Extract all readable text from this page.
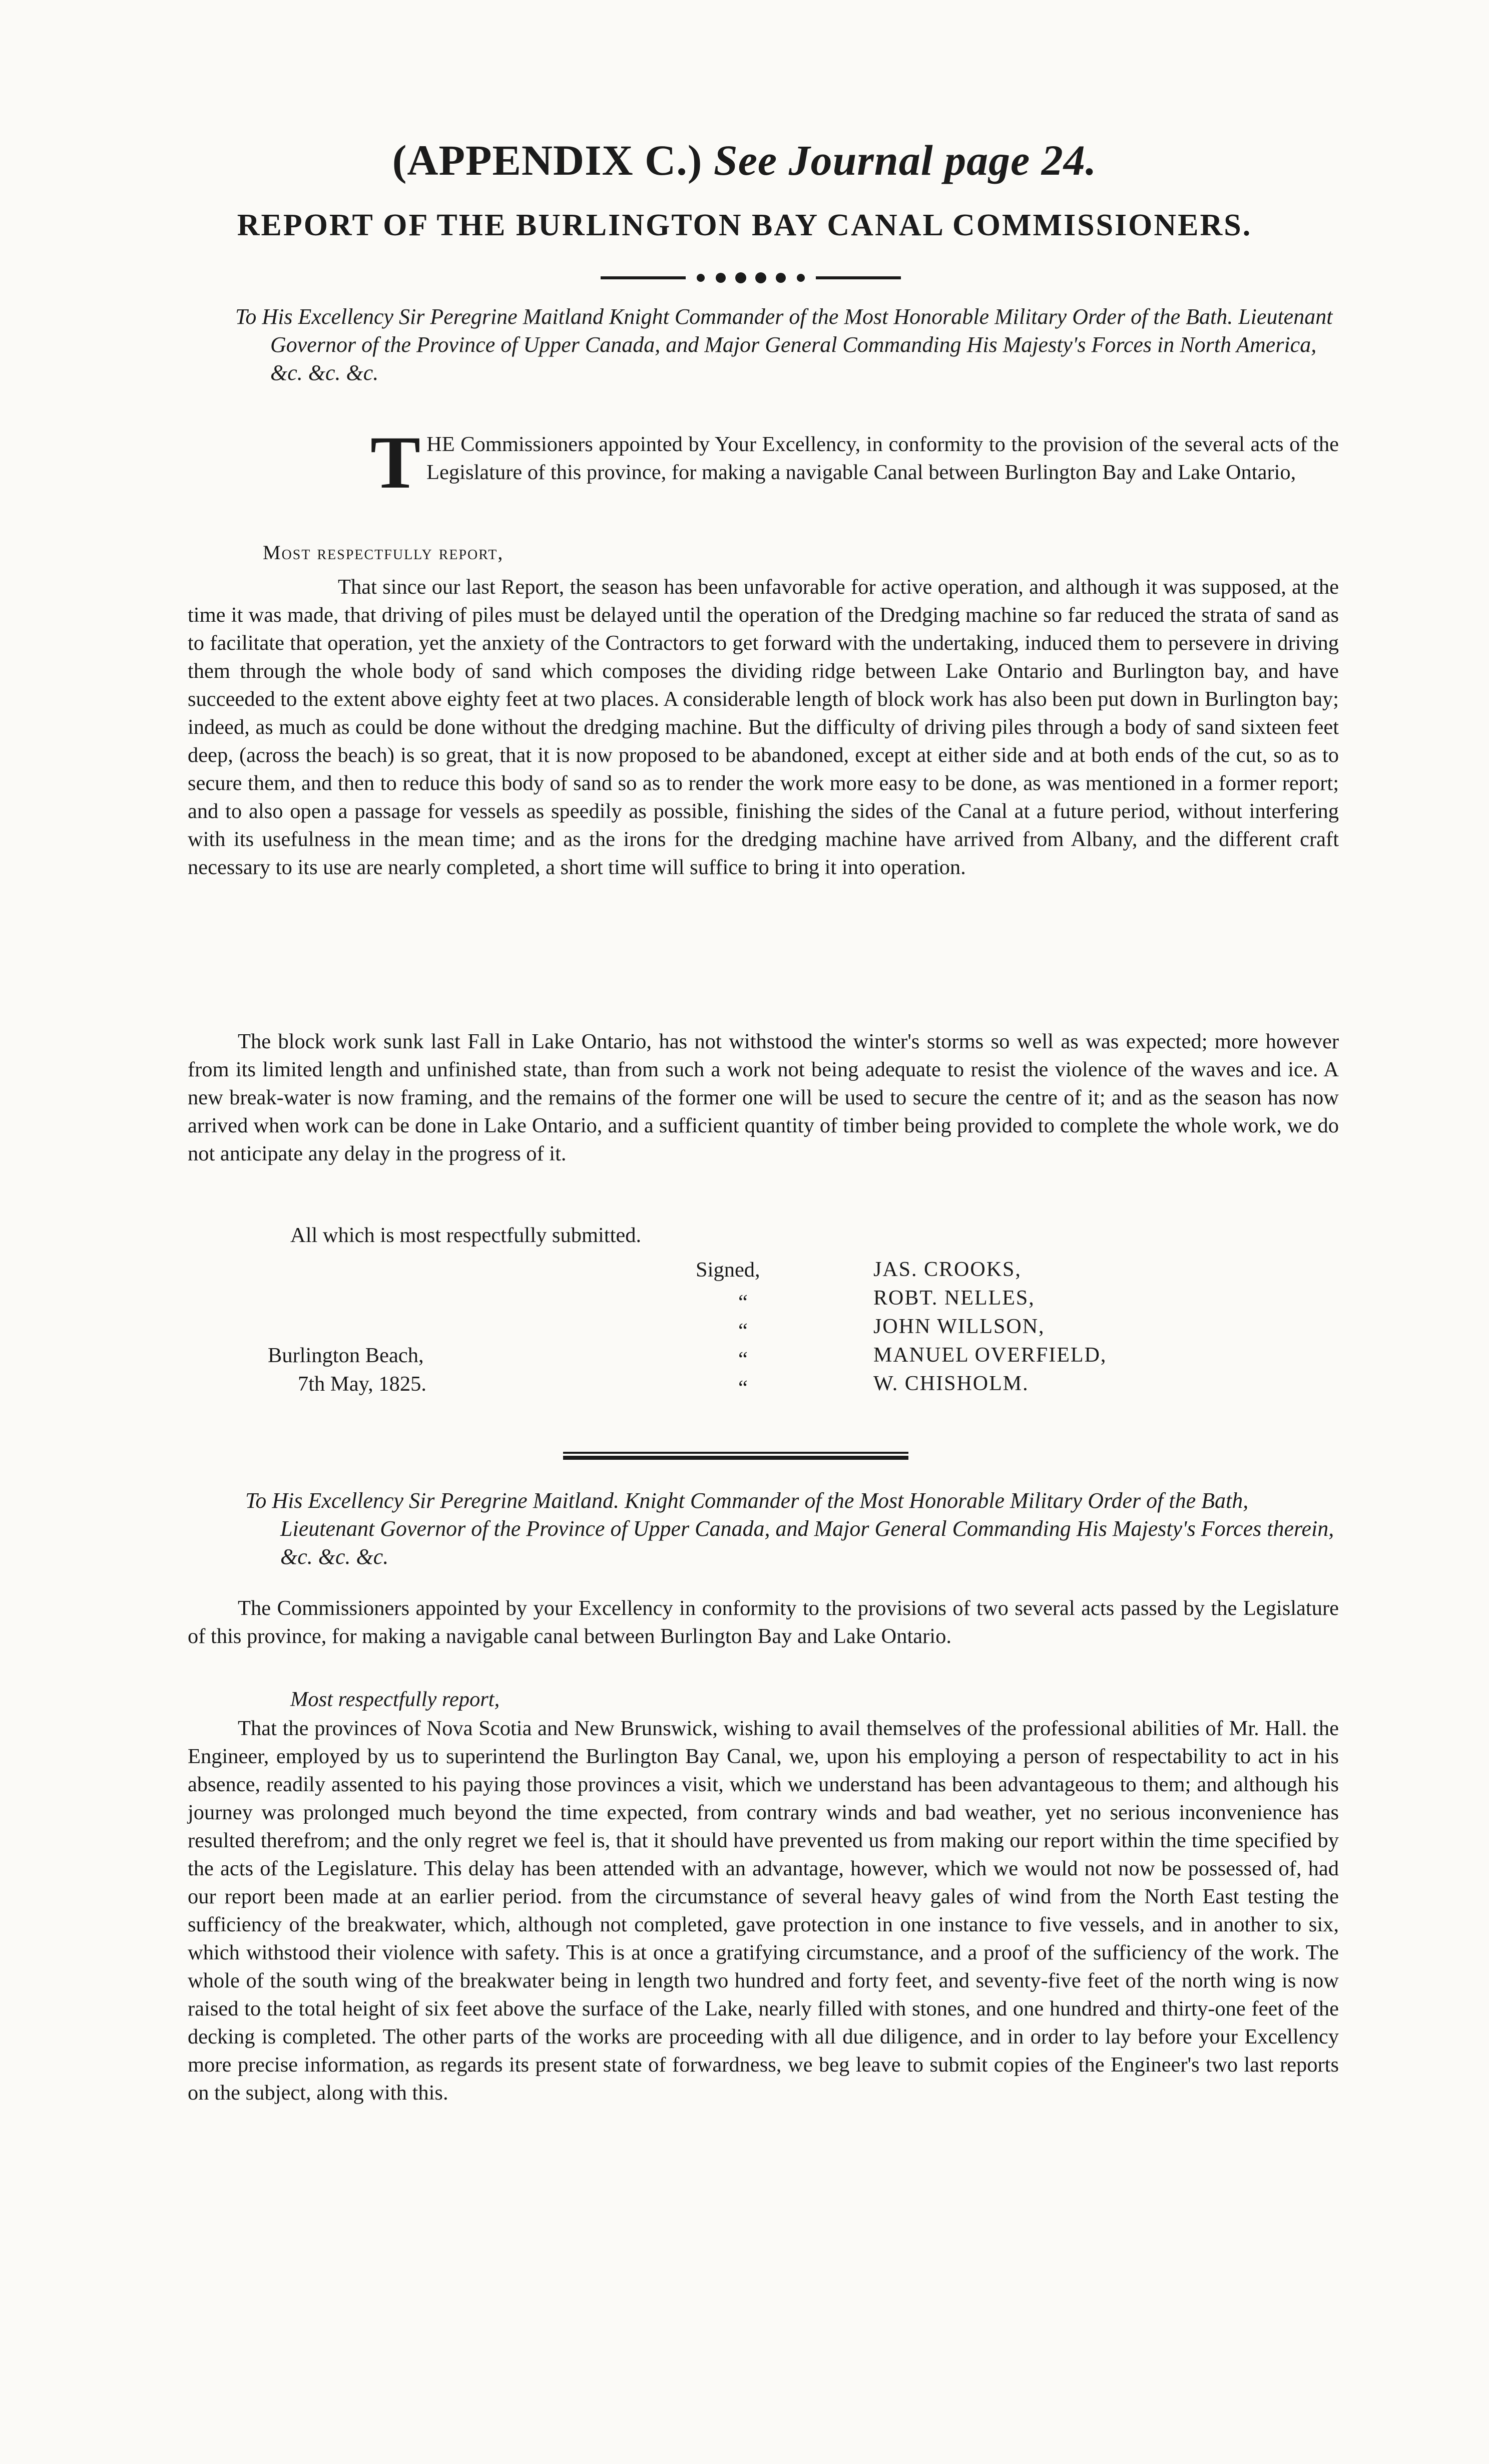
(APPENDIX C.) See Journal page 24.
REPORT OF THE BURLINGTON BAY CANAL COMMISSIONERS.
To His Excellency Sir Peregrine Maitland Knight Commander of the Most Honorable Military Order of the Bath. Lieutenant Governor of the Province of Upper Canada, and Major General Commanding His Majesty's Forces in North America, &c. &c. &c.
T HE Commissioners appointed by Your Excellency, in conformity to the provision of the several acts of the Legislature of this province, for making a navigable Canal between Burlington Bay and Lake Ontario,
Most respectfully report,
That since our last Report, the season has been unfavorable for active operation, and although it was supposed, at the time it was made, that driving of piles must be delayed until the operation of the Dredging machine so far reduced the strata of sand as to facilitate that operation, yet the anxiety of the Contractors to get forward with the undertaking, induced them to persevere in driving them through the whole body of sand which composes the dividing ridge between Lake Ontario and Burlington bay, and have succeeded to the extent above eighty feet at two places. A considerable length of block work has also been put down in Burlington bay; indeed, as much as could be done without the dredging machine. But the difficulty of driving piles through a body of sand sixteen feet deep, (across the beach) is so great, that it is now proposed to be abandoned, except at either side and at both ends of the cut, so as to secure them, and then to reduce this body of sand so as to render the work more easy to be done, as was mentioned in a former report; and to also open a passage for vessels as speedily as possible, finishing the sides of the Canal at a future period, without interfering with its usefulness in the mean time; and as the irons for the dredging machine have arrived from Albany, and the different craft necessary to its use are nearly completed, a short time will suffice to bring it into operation.
The block work sunk last Fall in Lake Ontario, has not withstood the winter's storms so well as was expected; more however from its limited length and unfinished state, than from such a work not being adequate to resist the violence of the waves and ice. A new break-water is now framing, and the remains of the former one will be used to secure the centre of it; and as the season has now arrived when work can be done in Lake Ontario, and a sufficient quantity of timber being provided to complete the whole work, we do not anticipate any delay in the progress of it.
All which is most respectfully submitted.
Signed,
“
“
“
“
JAS. CROOKS,
ROBT. NELLES,
JOHN WILLSON,
MANUEL OVERFIELD,
W. CHISHOLM.
Burlington Beach,
7th May, 1825.
To His Excellency Sir Peregrine Maitland. Knight Commander of the Most Honorable Military Order of the Bath, Lieutenant Governor of the Province of Upper Canada, and Major General Commanding His Majesty's Forces therein, &c. &c. &c.
The Commissioners appointed by your Excellency in conformity to the provisions of two several acts passed by the Legislature of this province, for making a navigable canal between Burlington Bay and Lake Ontario.
Most respectfully report,
That the provinces of Nova Scotia and New Brunswick, wishing to avail themselves of the professional abilities of Mr. Hall. the Engineer, employed by us to superintend the Burlington Bay Canal, we, upon his employing a person of respectability to act in his absence, readily assented to his paying those provinces a visit, which we understand has been advantageous to them; and although his journey was prolonged much beyond the time expected, from contrary winds and bad weather, yet no serious inconvenience has resulted therefrom; and the only regret we feel is, that it should have prevented us from making our report within the time specified by the acts of the Legislature. This delay has been attended with an advantage, however, which we would not now be possessed of, had our report been made at an earlier period. from the circumstance of several heavy gales of wind from the North East testing the sufficiency of the breakwater, which, although not completed, gave protection in one instance to five vessels, and in another to six, which withstood their violence with safety. This is at once a gratifying circumstance, and a proof of the sufficiency of the work. The whole of the south wing of the breakwater being in length two hundred and forty feet, and seventy-five feet of the north wing is now raised to the total height of six feet above the surface of the Lake, nearly filled with stones, and one hundred and thirty-one feet of the decking is completed. The other parts of the works are proceeding with all due diligence, and in order to lay before your Excellency more precise information, as regards its present state of forwardness, we beg leave to submit copies of the Engineer's two last reports on the subject, along with this.
